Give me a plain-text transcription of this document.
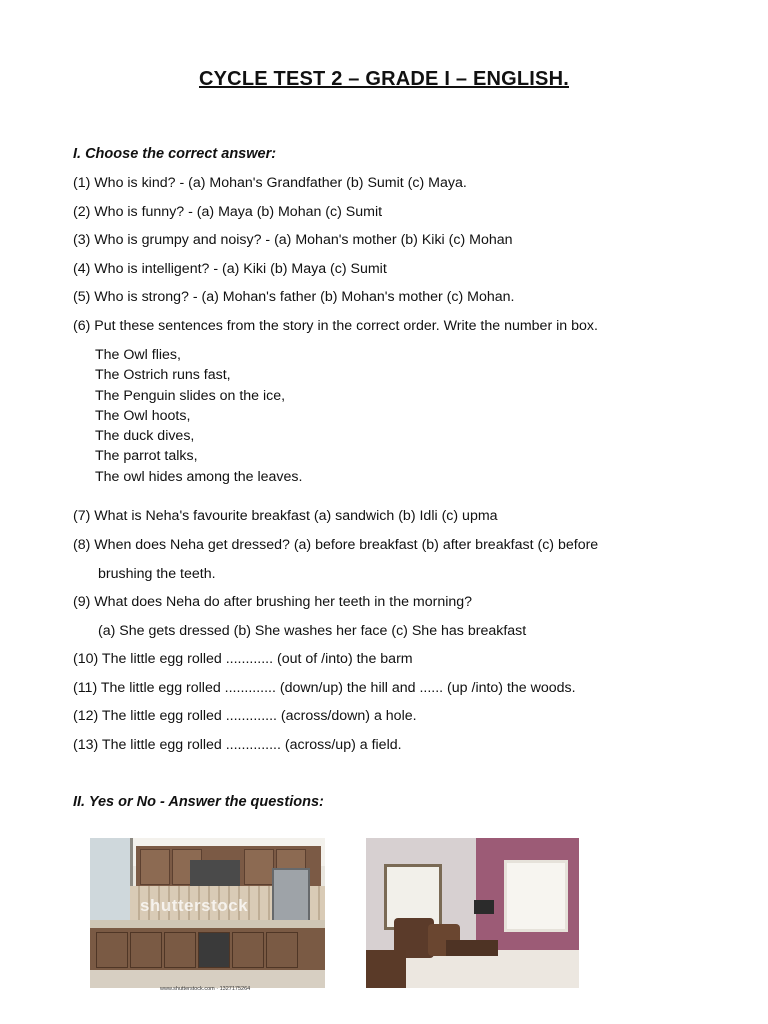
CYCLE TEST 2 – GRADE I – ENGLISH.
I. Choose the correct answer:
(1) Who is kind? - (a) Mohan's Grandfather (b) Sumit (c) Maya.
(2) Who is funny? - (a) Maya (b) Mohan (c) Sumit
(3) Who is grumpy and noisy? - (a) Mohan's mother (b) Kiki (c) Mohan
(4) Who is intelligent? - (a) Kiki (b) Maya (c) Sumit
(5) Who is strong? - (a) Mohan's father (b) Mohan's mother (c) Mohan.
(6) Put these sentences from the story in the correct order. Write the number in box.
The Owl flies,
The Ostrich runs fast,
The Penguin slides on the ice,
The Owl hoots,
The duck dives,
The parrot talks,
The owl hides among the leaves.
(7) What is Neha's favourite breakfast (a) sandwich (b) Idli (c) upma
(8) When does Neha get dressed? (a) before breakfast (b) after breakfast (c) before
brushing the teeth.
(9) What does Neha do after brushing her teeth in the morning?
(a) She gets dressed (b) She washes her face (c) She has breakfast
(10) The little egg rolled ............ (out of /into) the barm
(11) The little egg rolled ............. (down/up) the hill and ...... (up /into) the woods.
(12) The little egg rolled ............. (across/down) a hole.
(13) The little egg rolled .............. (across/up) a field.
II. Yes or No - Answer the questions:
shutterstock
www.shutterstock.com · 1327175264
